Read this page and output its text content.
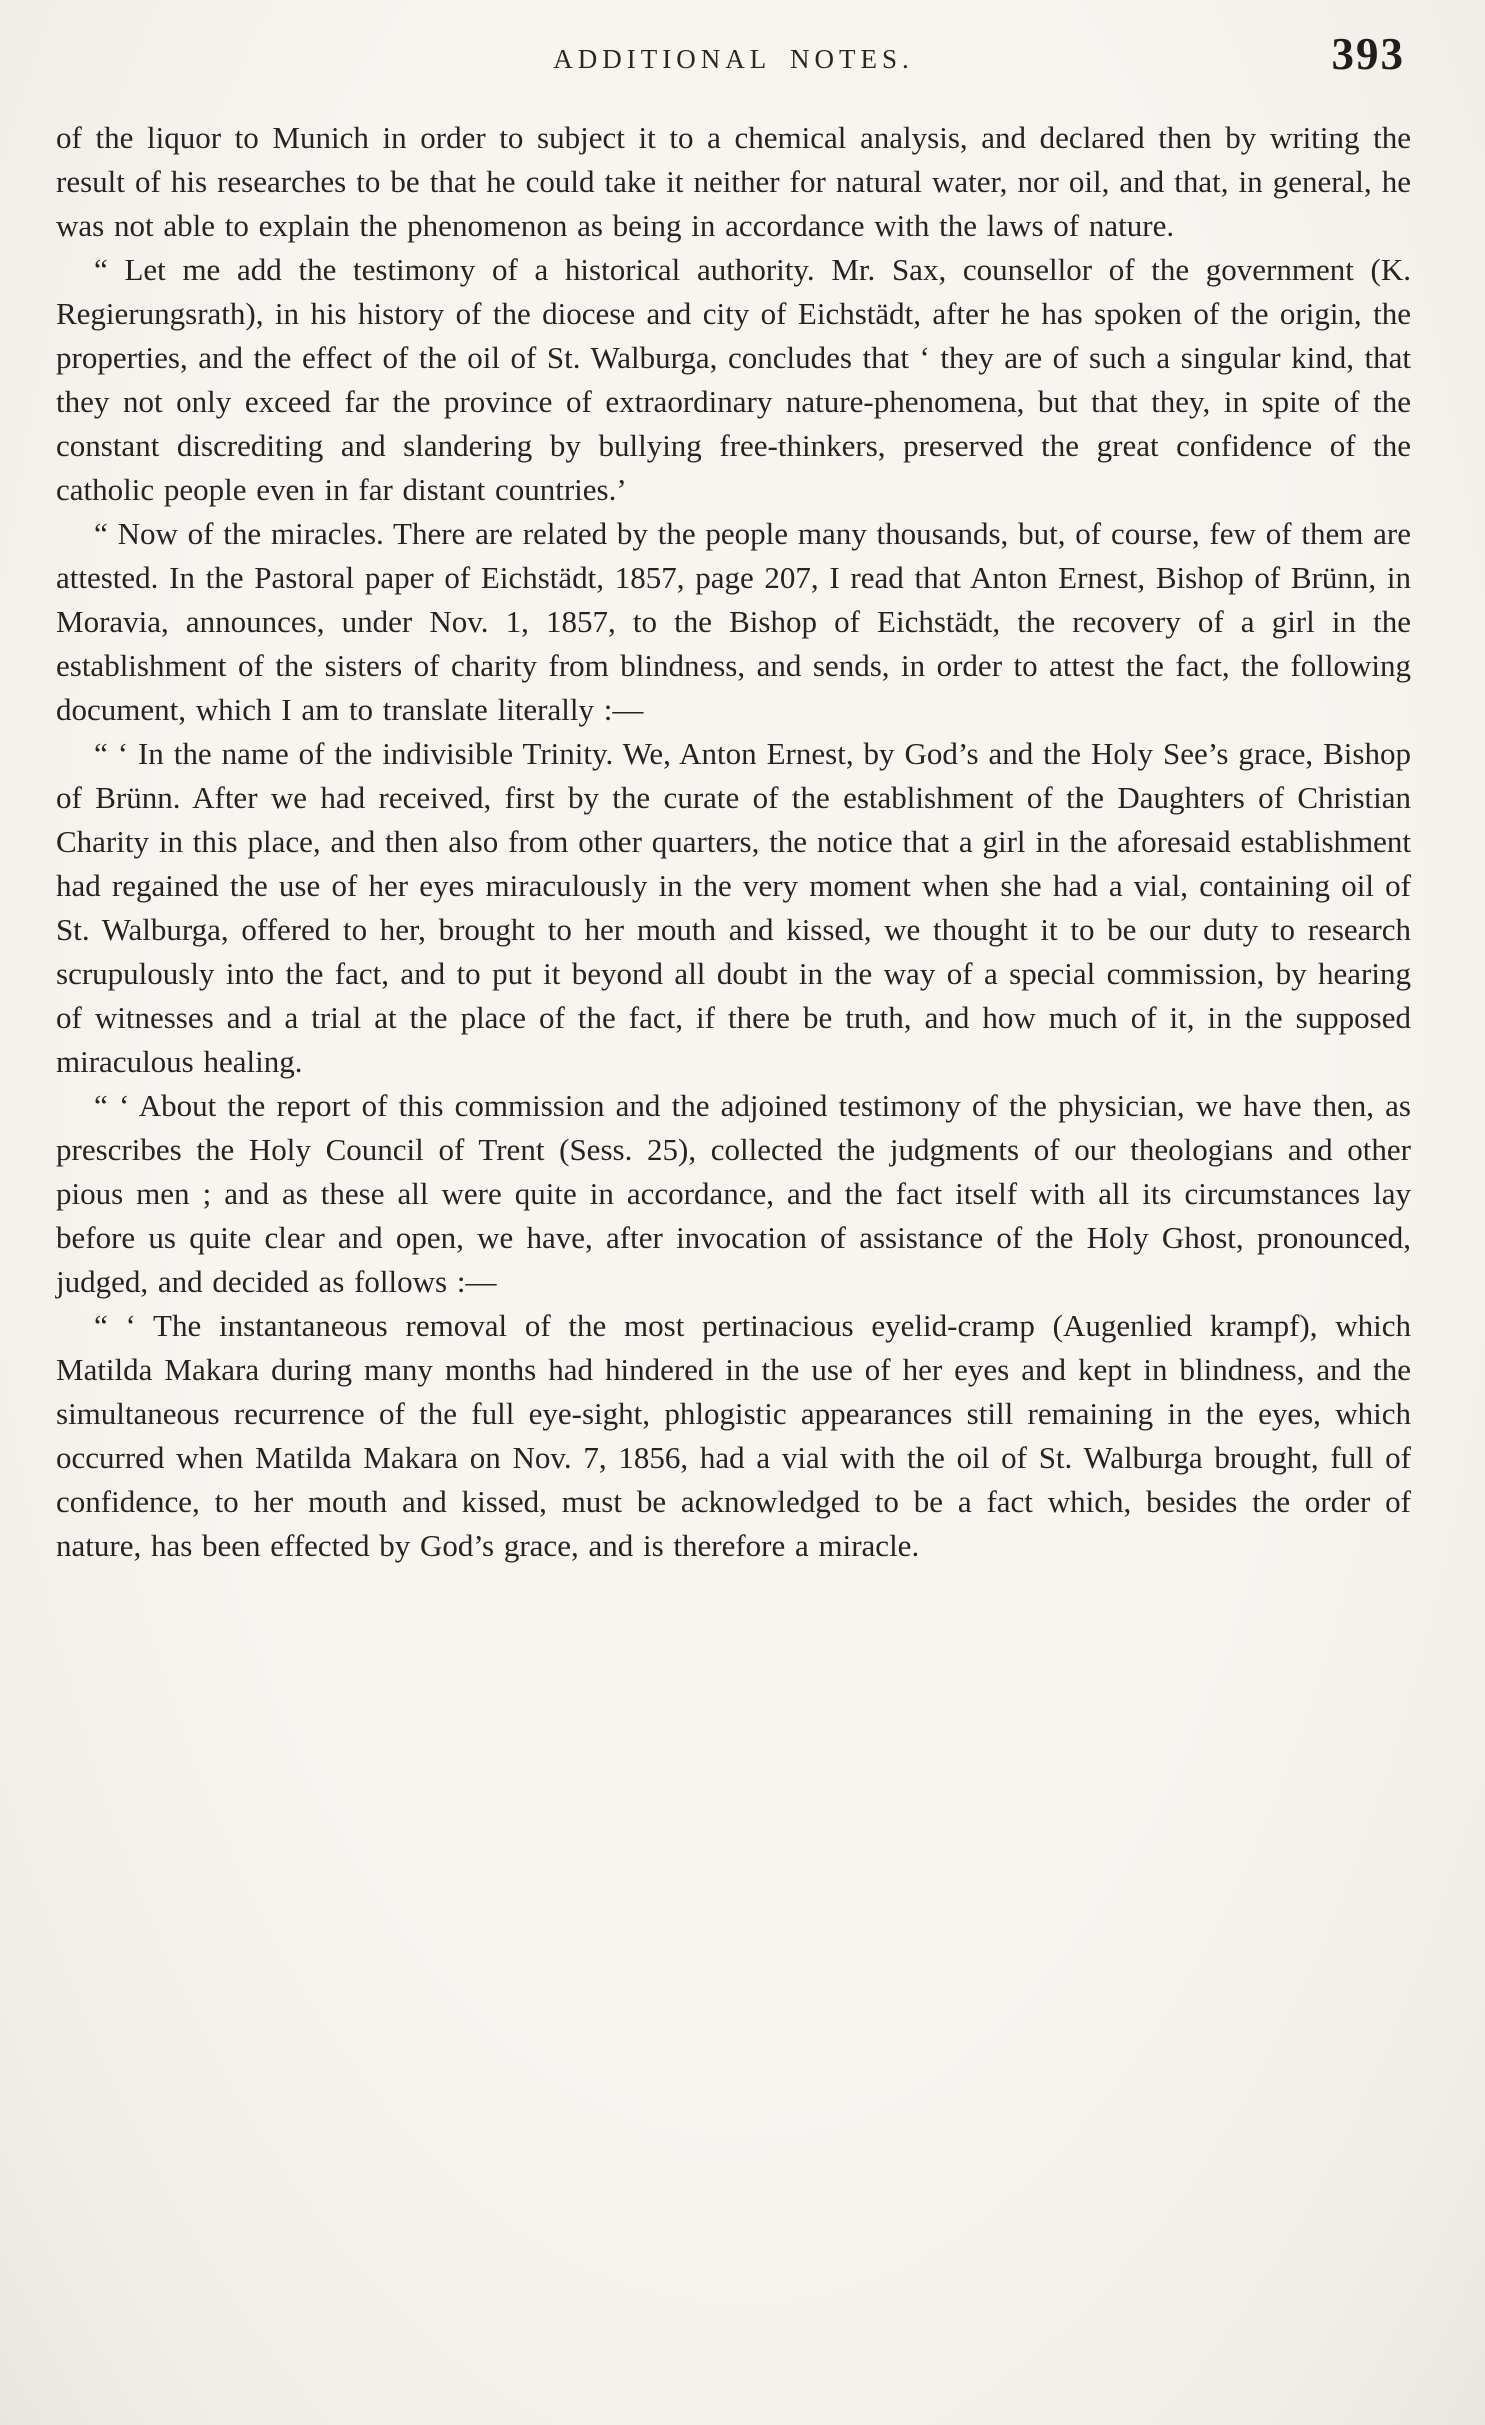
ADDITIONAL NOTES.	393

of the liquor to Munich in order to subject it to a chemical analysis, and declared then by writing the result of his researches to be that he could take it neither for natural water, nor oil, and that, in general, he was not able to explain the phenomenon as being in accordance with the laws of nature.

“ Let me add the testimony of a historical authority. Mr. Sax, counsellor of the government (K. Regierungsrath), in his history of the diocese and city of Eichstädt, after he has spoken of the origin, the properties, and the effect of the oil of St. Walburga, concludes that ‘ they are of such a singular kind, that they not only exceed far the province of extraordinary nature-phenomena, but that they, in spite of the constant discrediting and slandering by bullying free-thinkers, preserved the great confidence of the catholic people even in far distant countries.’

“ Now of the miracles. There are related by the people many thousands, but, of course, few of them are attested. In the Pastoral paper of Eichstädt, 1857, page 207, I read that Anton Ernest, Bishop of Brünn, in Moravia, announces, under Nov. 1, 1857, to the Bishop of Eichstädt, the recovery of a girl in the establishment of the sisters of charity from blindness, and sends, in order to attest the fact, the following document, which I am to translate literally :—

“ ‘ In the name of the indivisible Trinity. We, Anton Ernest, by God’s and the Holy See’s grace, Bishop of Brünn. After we had received, first by the curate of the establishment of the Daughters of Christian Charity in this place, and then also from other quarters, the notice that a girl in the aforesaid establishment had regained the use of her eyes miraculously in the very moment when she had a vial, containing oil of St. Walburga, offered to her, brought to her mouth and kissed, we thought it to be our duty to research scrupulously into the fact, and to put it beyond all doubt in the way of a special commission, by hearing of witnesses and a trial at the place of the fact, if there be truth, and how much of it, in the supposed miraculous healing.

“ ‘ About the report of this commission and the adjoined testimony of the physician, we have then, as prescribes the Holy Council of Trent (Sess. 25), collected the judgments of our theologians and other pious men ; and as these all were quite in accordance, and the fact itself with all its circumstances lay before us quite clear and open, we have, after invocation of assistance of the Holy Ghost, pronounced, judged, and decided as follows :—

“ ‘ The instantaneous removal of the most pertinacious eyelid-cramp (Augenlied krampf), which Matilda Makara during many months had hindered in the use of her eyes and kept in blindness, and the simultaneous recurrence of the full eye-sight, phlogistic appearances still remaining in the eyes, which occurred when Matilda Makara on Nov. 7, 1856, had a vial with the oil of St. Walburga brought, full of confidence, to her mouth and kissed, must be acknowledged to be a fact which, besides the order of nature, has been effected by God’s grace, and is therefore a miracle.
